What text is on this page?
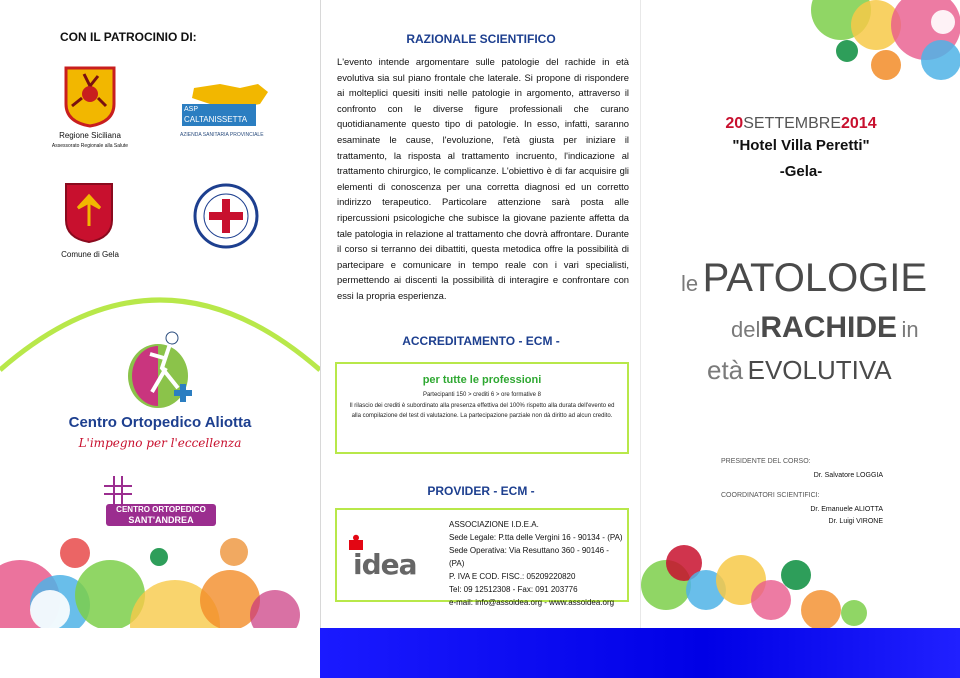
CON IL PATROCINIO DI:
Regione Siciliana
Assessorato Regionale alla Salute
ASP
CALTANISSETTA
AZIENDA SANITARIA PROVINCIALE
Comune di Gela
Centro Ortopedico Aliotta
L'impegno per l'eccellenza
CENTRO ORTOPEDICO
SANT'ANDREA
RAZIONALE SCIENTIFICO
L'evento intende argomentare sulle patologie del rachide in età evolutiva sia sul piano frontale che laterale. Si propone di rispondere ai molteplici quesiti insiti nelle patologie in argomento, attraverso il confronto con le diverse figure professionali che curano quotidianamente questo tipo di patologie. In esso, infatti, saranno esaminate le cause, l'evoluzione, l'età giusta per iniziare il trattamento, la risposta al trattamento incruento, l'indicazione al trattamento chirurgico, le complicanze. L'obiettivo è di far acquisire gli elementi di conoscenza per una corretta diagnosi ed un corretto indirizzo terapeutico. Particolare attenzione sarà posta alle ripercussioni psicologiche che subisce la giovane paziente affetta da tale patologia in relazione al trattamento che dovrà affrontare. Durante il corso si terranno dei dibattiti, questa metodica offre la possibilità di partecipare e comunicare in tempo reale con i vari specialisti, permettendo ai discenti la possibilità di interagire e confrontare con essi la propria esperienza.
ACCREDITAMENTO - ECM -
per tutte le professioni
Partecipanti 150 > crediti 6 > ore formative 8
Il rilascio dei crediti è subordinato alla presenza effettiva del 100% rispetto alla durata dell'evento ed alla compilazione del test di valutazione. La partecipazione parziale non dà diritto ad alcun credito.
PROVIDER - ECM -
idea
ASSOCIAZIONE I.D.E.A.
Sede Legale: P.tta delle Vergini 16 - 90134 - (PA)
Sede Operativa: Via Resuttano 360 - 90146 - (PA)
P. IVA E COD. FISC.: 05209220820
Tel: 09 12512308 - Fax: 091 203776
e-mail: info@assoidea.org - www.assoidea.org
20SETTEMBRE2014
"Hotel Villa Peretti"
-Gela-
le PATOLOGIE
delRACHIDE in
età EVOLUTIVA
PRESIDENTE DEL CORSO:
Dr. Salvatore LOGGIA
COORDINATORI SCIENTIFICI:
Dr. Emanuele ALIOTTA
Dr. Luigi VIRONE
